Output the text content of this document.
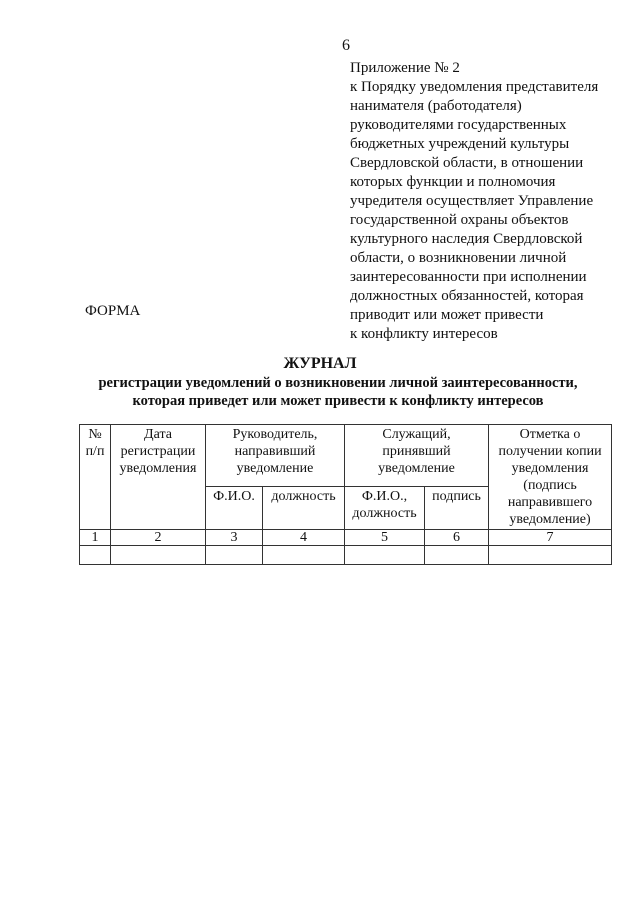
6
Приложение № 2
к Порядку уведомления представителя
нанимателя (работодателя)
руководителями государственных
бюджетных учреждений культуры
Свердловской области, в отношении
которых функции и полномочия
учредителя осуществляет Управление
государственной охраны объектов
культурного наследия Свердловской
области, о возникновении личной
заинтересованности при исполнении
должностных обязанностей, которая
приводит или может привести
к конфликту интересов
ФОРМА
ЖУРНАЛ
регистрации уведомлений о возникновении личной заинтересованности,
которая приведет или может привести к конфликту интересов
№ п/п	Дата регистрации уведомления	Руководитель, направивший уведомление		Служащий, принявший уведомление		Отметка о получении копии уведомления (подпись направившего уведомление)
		Ф.И.О.	должность	Ф.И.О., должность	подпись	
1	2	3	4	5	6	7
